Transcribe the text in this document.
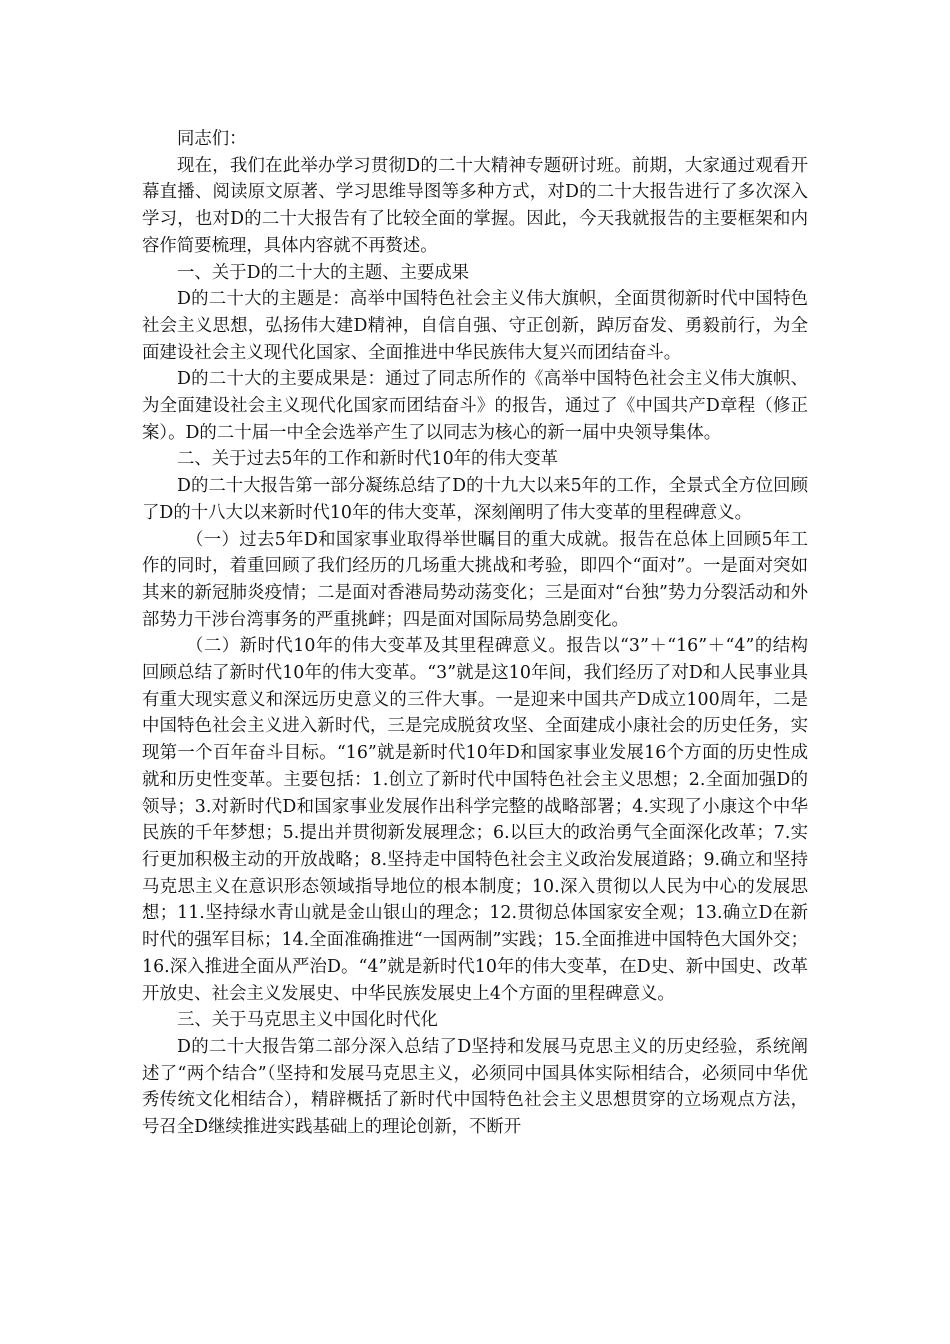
同志们：

现在，我们在此举办学习贯彻D的二十大精神专题研讨班。前期，大家通过观看开幕直播、阅读原文原著、学习思维导图等多种方式，对D的二十大报告进行了多次深入学习，也对D的二十大报告有了比较全面的掌握。因此，今天我就报告的主要框架和内容作简要梳理，具体内容就不再赘述。

一、关于D的二十大的主题、主要成果

D的二十大的主题是：高举中国特色社会主义伟大旗帜，全面贯彻新时代中国特色社会主义思想，弘扬伟大建D精神，自信自强、守正创新，踔厉奋发、勇毅前行，为全面建设社会主义现代化国家、全面推进中华民族伟大复兴而团结奋斗。

D的二十大的主要成果是：通过了同志所作的《高举中国特色社会主义伟大旗帜、为全面建设社会主义现代化国家而团结奋斗》的报告，通过了《中国共产D章程（修正案）。D的二十届一中全会选举产生了以同志为核心的新一届中央领导集体。

二、关于过去5年的工作和新时代10年的伟大变革

D的二十大报告第一部分凝练总结了D的十九大以来5年的工作，全景式全方位回顾了D的十八大以来新时代10年的伟大变革，深刻阐明了伟大变革的里程碑意义。

（一）过去5年D和国家事业取得举世瞩目的重大成就。报告在总体上回顾5年工作的同时，着重回顾了我们经历的几场重大挑战和考验，即四个“面对”。一是面对突如其来的新冠肺炎疫情；二是面对香港局势动荡变化；三是面对“台独”势力分裂活动和外部势力干涉台湾事务的严重挑衅；四是面对国际局势急剧变化。

（二）新时代10年的伟大变革及其里程碑意义。报告以“3”＋“16”＋“4”的结构回顾总结了新时代10年的伟大变革。“3”就是这10年间，我们经历了对D和人民事业具有重大现实意义和深远历史意义的三件大事。一是迎来中国共产D成立100周年，二是中国特色社会主义进入新时代，三是完成脱贫攻坚、全面建成小康社会的历史任务，实现第一个百年奋斗目标。“16”就是新时代10年D和国家事业发展16个方面的历史性成就和历史性变革。主要包括：1.创立了新时代中国特色社会主义思想；2.全面加强D的领导；3.对新时代D和国家事业发展作出科学完整的战略部署；4.实现了小康这个中华民族的千年梦想；5.提出并贯彻新发展理念；6.以巨大的政治勇气全面深化改革；7.实行更加积极主动的开放战略；8.坚持走中国特色社会主义政治发展道路；9.确立和坚持马克思主义在意识形态领域指导地位的根本制度；10.深入贯彻以人民为中心的发展思想；11.坚持绿水青山就是金山银山的理念；12.贯彻总体国家安全观；13.确立D在新时代的强军目标；14.全面准确推进“一国两制”实践；15.全面推进中国特色大国外交；16.深入推进全面从严治D。“4”就是新时代10年的伟大变革，在D史、新中国史、改革开放史、社会主义发展史、中华民族发展史上4个方面的里程碑意义。

三、关于马克思主义中国化时代化

D的二十大报告第二部分深入总结了D坚持和发展马克思主义的历史经验，系统阐述了“两个结合”（坚持和发展马克思主义，必须同中国具体实际相结合，必须同中华优秀传统文化相结合），精辟概括了新时代中国特色社会主义思想贯穿的立场观点方法，号召全D继续推进实践基础上的理论创新，不断开
